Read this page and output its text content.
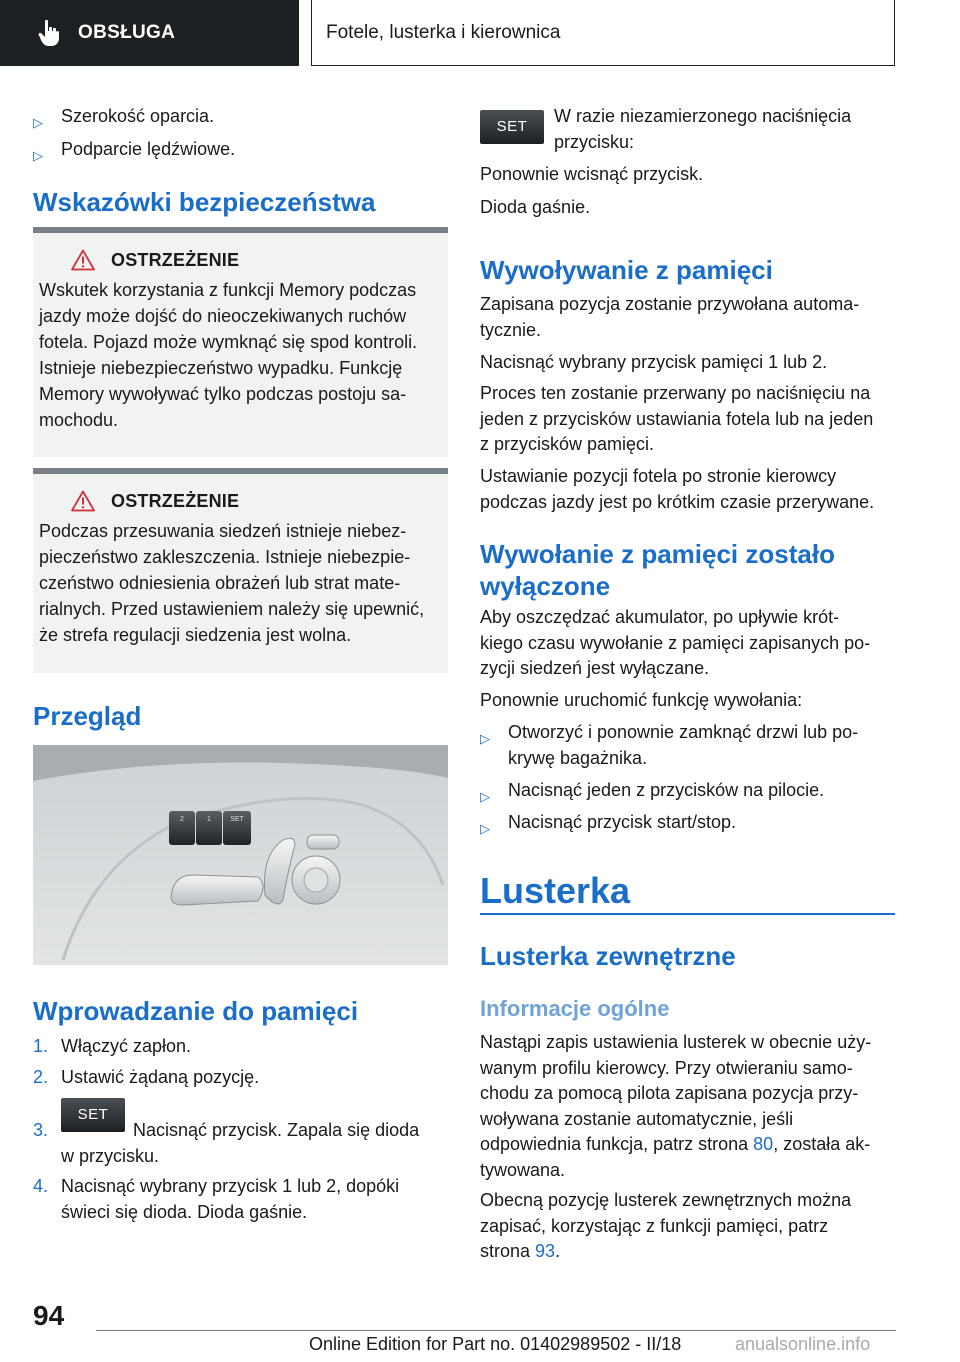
OBSŁUGA	Fotele, lusterka i kierownica
▷ Szerokość oparcia.
▷ Podparcie lędźwiowe.
Wskazówki bezpieczeństwa
OSTRZEŻENIE
Wskutek korzystania z funkcji Memory podczas
jazdy może dojść do nieoczekiwanych ruchów
fotela. Pojazd może wymknąć się spod kontroli.
Istnieje niebezpieczeństwo wypadku. Funkcję
Memory wywoływać tylko podczas postoju sa-
mochodu.
OSTRZEŻENIE
Podczas przesuwania siedzeń istnieje niebez-
pieczeństwo zakleszczenia. Istnieje niebezpie-
czeństwo odniesienia obrażeń lub strat mate-
rialnych. Przed ustawieniem należy się upewnić,
że strefa regulacji siedzenia jest wolna.
Przegląd
2	1	SET
Wprowadzanie do pamięci
1. Włączyć zapłon.
2. Ustawić żądaną pozycję.
3.
SET
Nacisnąć przycisk. Zapala się dioda
w przycisku.
4. Nacisnąć wybrany przycisk 1 lub 2, dopóki
świeci się dioda. Dioda gaśnie.
SET
W razie niezamierzonego naciśnięcia
przycisku:
Ponownie wcisnąć przycisk.
Dioda gaśnie.
Wywoływanie z pamięci
Zapisana pozycja zostanie przywołana automa-
tycznie.
Nacisnąć wybrany przycisk pamięci 1 lub 2.
Proces ten zostanie przerwany po naciśnięciu na
jeden z przycisków ustawiania fotela lub na jeden
z przycisków pamięci.
Ustawianie pozycji fotela po stronie kierowcy
podczas jazdy jest po krótkim czasie przerywane.
Wywołanie z pamięci zostało
wyłączone
Aby oszczędzać akumulator, po upływie krót-
kiego czasu wywołanie z pamięci zapisanych po-
zycji siedzeń jest wyłączane.
Ponownie uruchomić funkcję wywołania:
▷ Otworzyć i ponownie zamknąć drzwi lub po-
krywę bagażnika.
▷ Nacisnąć jeden z przycisków na pilocie.
▷ Nacisnąć przycisk start/stop.
Lusterka
Lusterka zewnętrzne
Informacje ogólne
Nastąpi zapis ustawienia lusterek w obecnie uży-
wanym profilu kierowcy. Przy otwieraniu samo-
chodu za pomocą pilota zapisana pozycja przy-
woływana zostanie automatycznie, jeśli
odpowiednia funkcja, patrz strona 80, została ak-
tywowana.
Obecną pozycję lusterek zewnętrznych można
zapisać, korzystając z funkcji pamięci, patrz
strona 93.
94
Online Edition for Part no. 01402989502 - II/18	anualsonline.info
